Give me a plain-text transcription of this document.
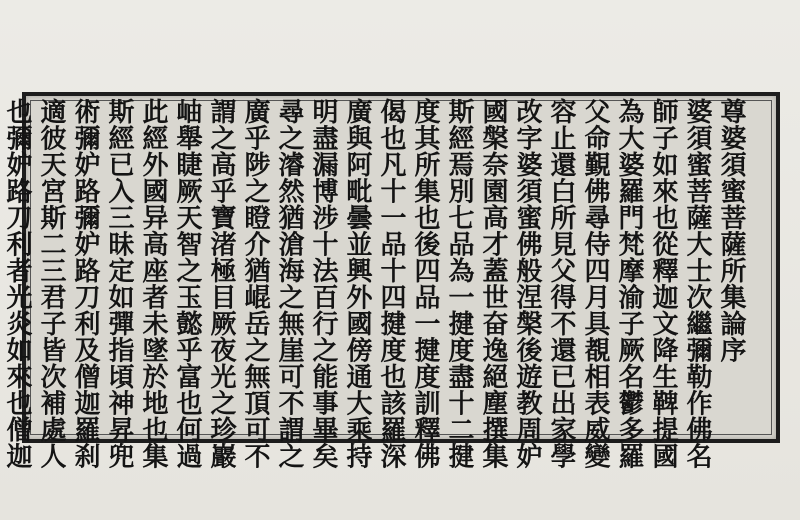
尊婆須蜜菩薩所集論序
婆須蜜菩薩大士次繼彌勒作佛名
師子如來也從釋迦文降生鞞提國
為大婆羅門梵摩渝子厥名鬱多羅
父命覲佛尋侍四月具覩相表威變
容止還白所見父得不還已出家學
改字婆須蜜佛般涅槃後遊教周妒
國槃奈園高才蓋世奋逸絕塵撰集
斯經焉別七品為一揵度盡十二揵
度其所集也後四品一揵度訓釋佛
偈也凡十一品十四揵度也該羅深
廣與阿毗曇並興外國傍通大乘持
明盡漏博涉十法百行之能事畢矣
尋之濬然猶滄海之無崖可不謂之
廣乎陟之瞪介猶崐岳之無頂可不
謂之高乎寶渚極目厥夜光之珍巖
岫舉睫厥天智之玉懿乎富也何過
此經外國异高座者未墜於地也集
斯經已入三昧定如彈指頃神昇兜
術彌妒路彌妒路刀利及僧迦羅刹
適彼天宮斯二三君子皆次補處人
也彌妒路刀利者光炎如來也僧迦
